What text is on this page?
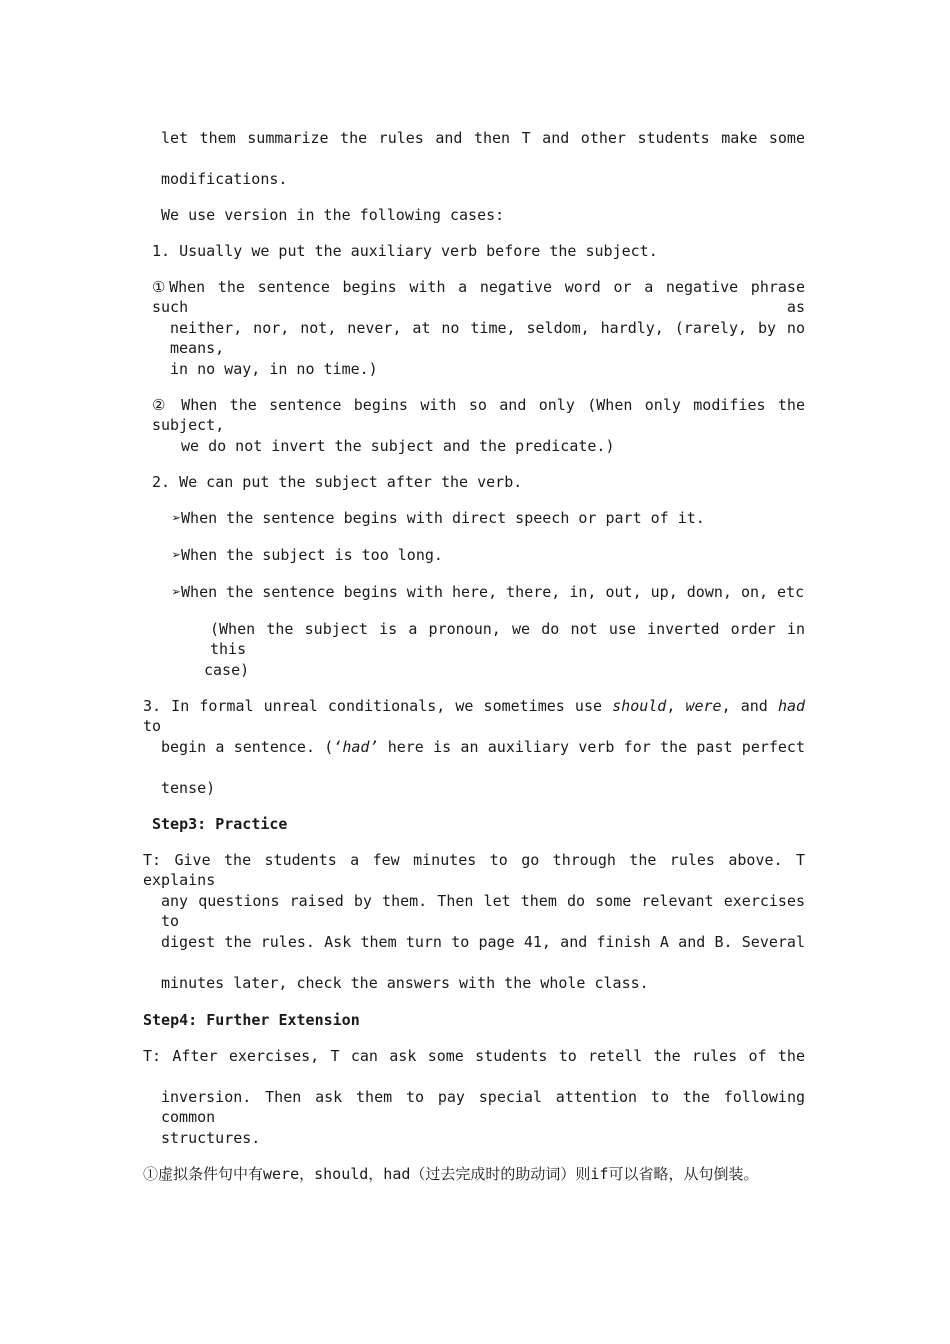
let them summarize the rules and then T and other students make some
modifications.
We use version in the following cases:
1. Usually we put the auxiliary verb before the subject.
①When the sentence begins with a negative word or a negative phrase such as
neither, nor, not, never, at no time, seldom, hardly, (rarely, by no means,
in no way, in no time.)
② When the sentence begins with so and only (When only modifies the subject,
we do not invert the subject and the predicate.)
2. We can put the subject after the verb.
➢When the sentence begins with direct speech or part of it.
➢When the subject is too long.
➢When the sentence begins with here, there, in, out, up, down, on, etc
(When the subject is a pronoun, we do not use inverted order in this
case)
3. In formal unreal conditionals, we sometimes use should, were, and had to
begin a sentence. (‘had’ here is an auxiliary verb for the past perfect
tense)
Step3: Practice
T: Give the students a few minutes to go through the rules above. T explains
any questions raised by them. Then let them do some relevant exercises to
digest the rules. Ask them turn to page 41, and finish A and B. Several
minutes later, check the answers with the whole class.
Step4: Further Extension
T: After exercises, T can ask some students to retell the rules of the
inversion. Then ask them to pay special attention to the following common
structures.
①虚拟条件句中有were，should，had（过去完成时的助动词）则if可以省略，从句倒装。
